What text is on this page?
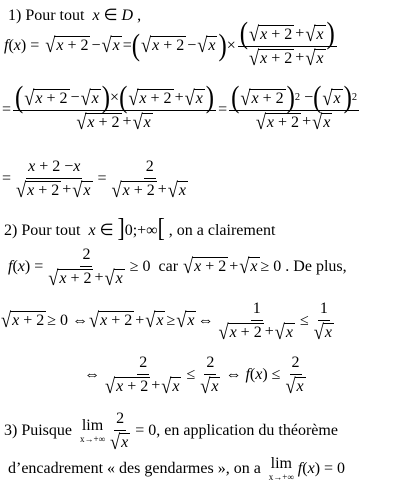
1) Pour tout  x ∈ D ,
f ( x ) = √ x + 2 − √ x = ( √ x + 2 − √ x ) × $\frac{( √ x + 2 + √ x )}{√ x + 2 + √ x}$
= $\frac{( √ x + 2 - √ x ) \times ( √ x + 2 + √ x )}{√ x + 2 + √ x} = \frac{( √ x + 2 ) 2 - ( √ x ) 2}{√ x + 2 + √ x}$
= $\frac{x + 2 - x}{√ x + 2 + √ x} = \frac{2}{√ x + 2 + √ x}$
2) Pour tout  x ∈ ]0;+∞[ , on a clairement
f ( x ) = $\frac{2}{√ x + 2 + √ x} \ge 0$ car
√ x + 2 + √ x ≥ 0 . De plus,
√ x + 2 ≥ 0 ⇔ √ x + 2 + √ x ≥ √ x ⇔ $\frac{1}{√ x + 2 + √ x} \le \frac{1}{√ x}$
⇔ $\frac{2}{√ x + 2 + √ x} \le \frac{2}{√ x}$ ⇔ f ( x ) ≤ $\frac{2}{√ x}$
3) Puisque
lim
$x\to+\infty \frac{2}{√ x} = 0$ , en application du théorème
d’encadrement « des gendarmes », on a
lim
x→+∞
f ( x ) = 0
